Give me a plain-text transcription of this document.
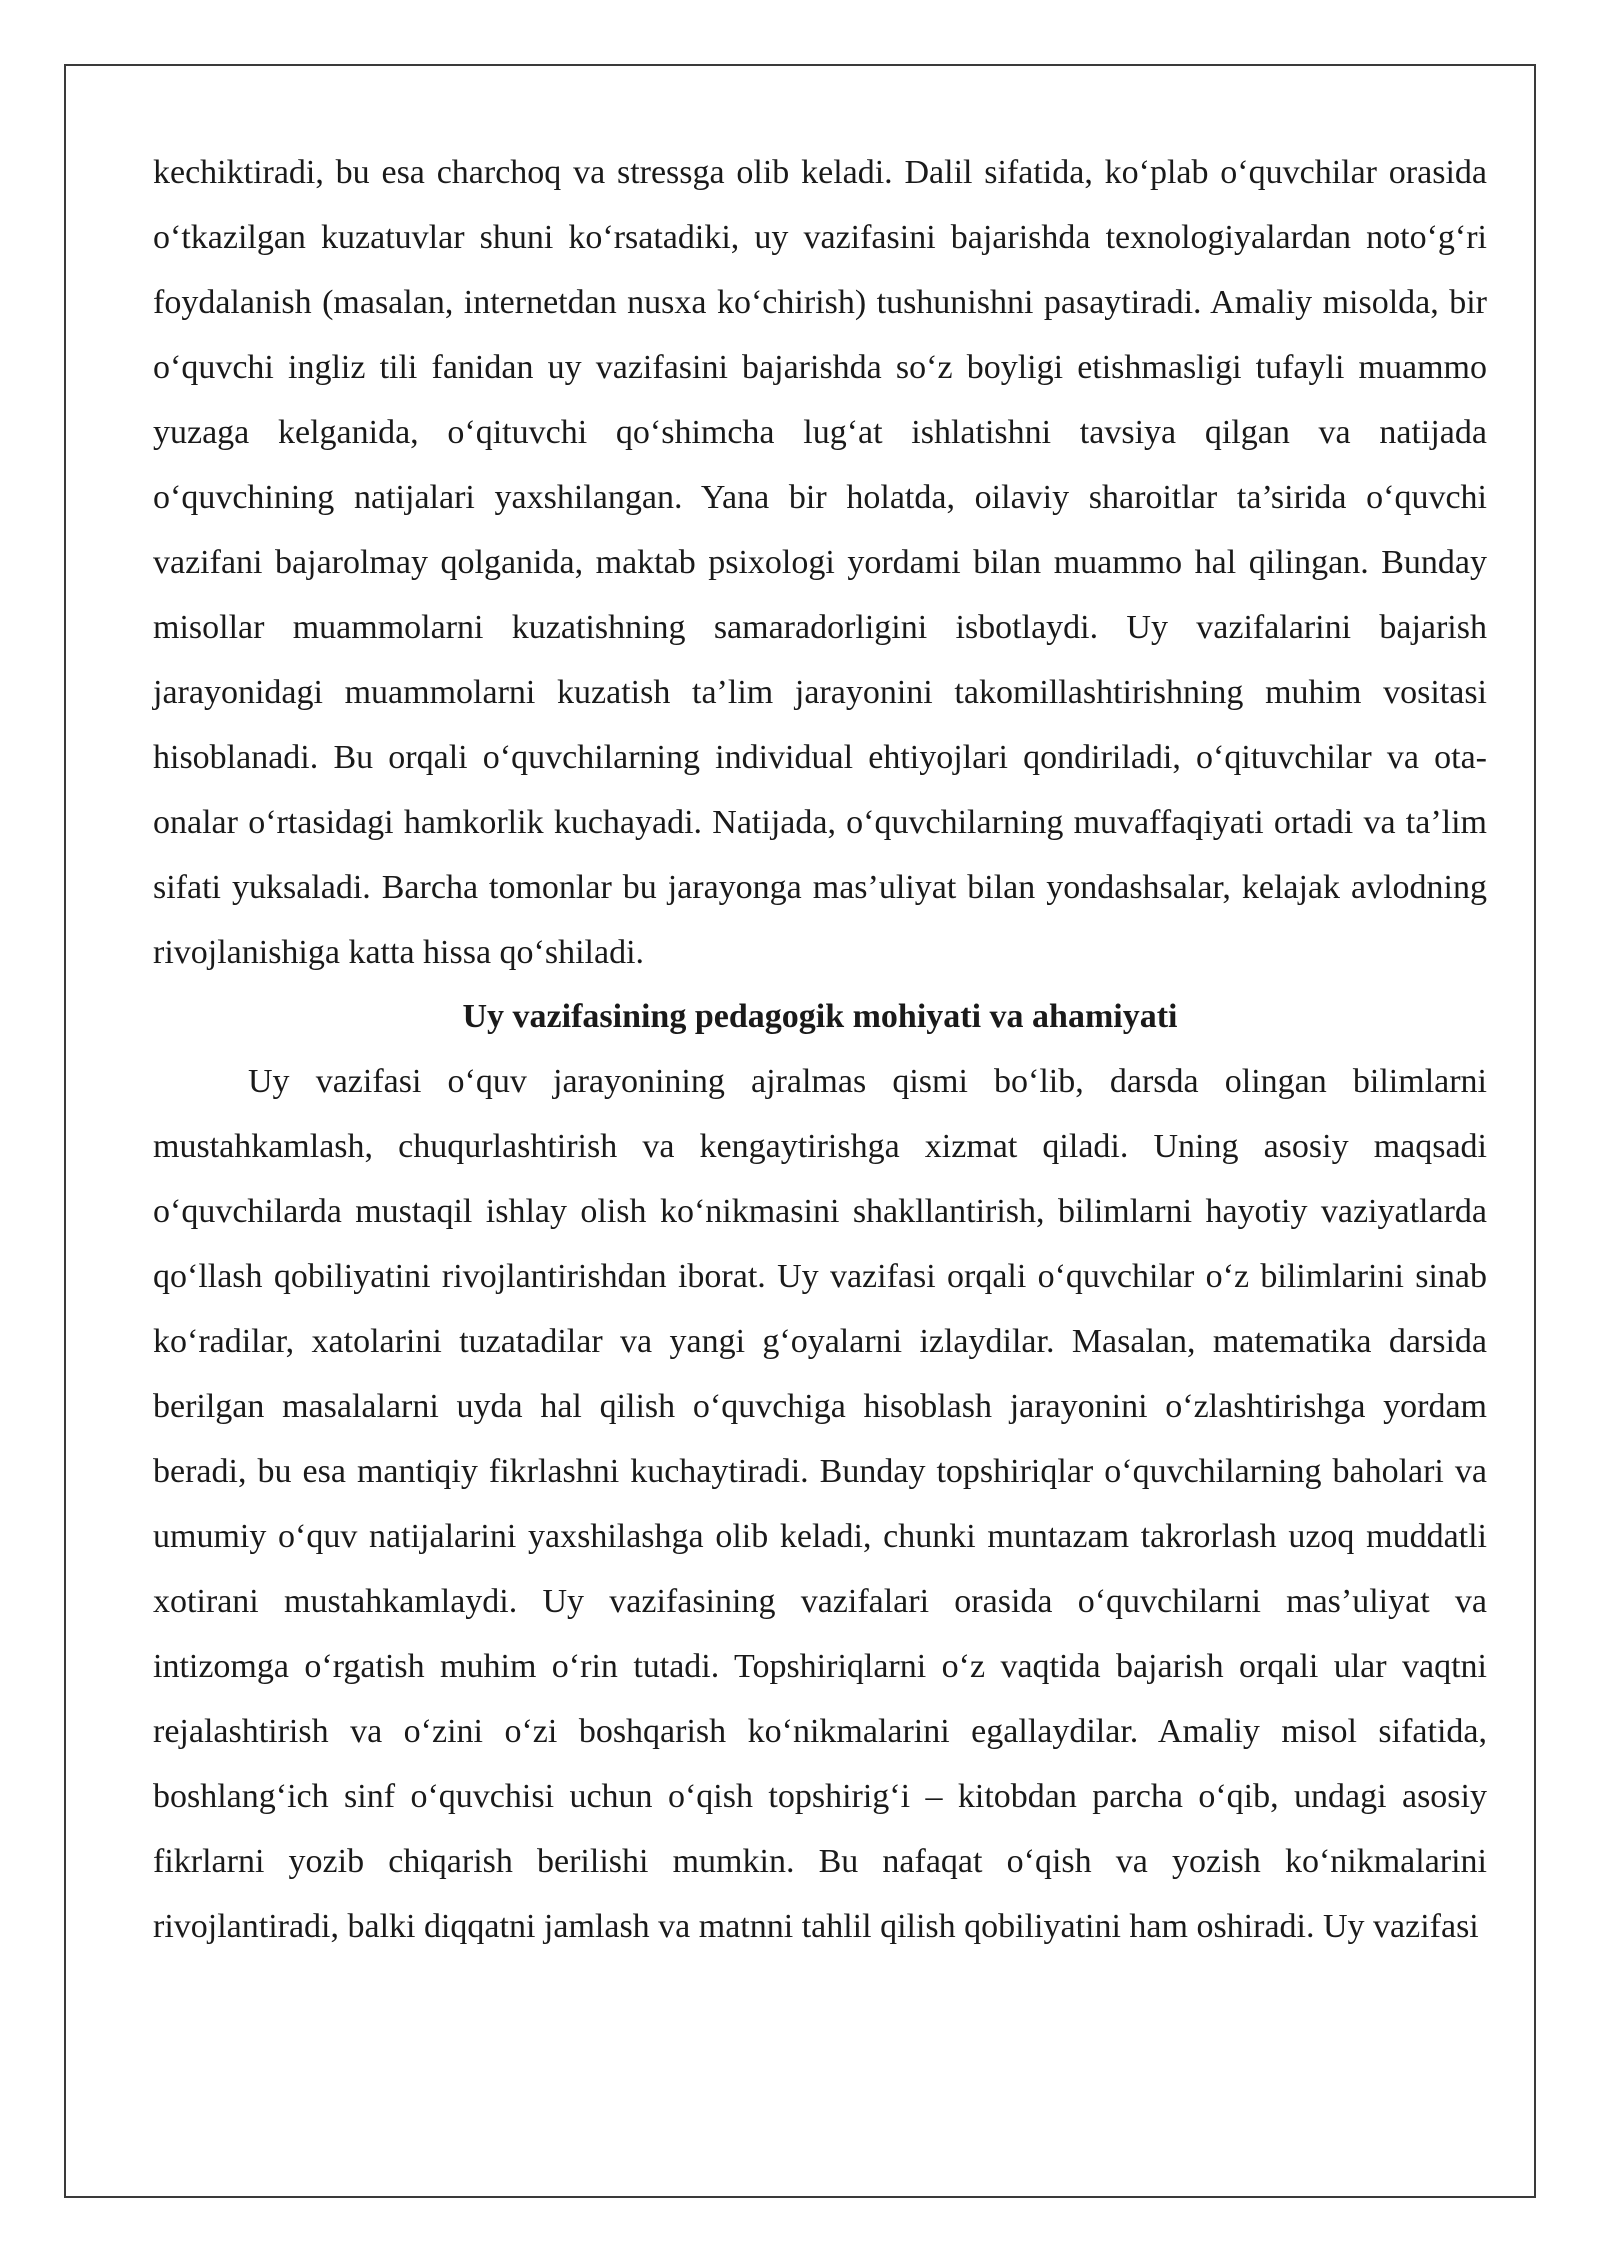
kechiktiradi, bu esa charchoq va stressga olib keladi. Dalil sifatida, ko‘plab o‘quvchilar orasida o‘tkazilgan kuzatuvlar shuni ko‘rsatadiki, uy vazifasini bajarishda texnologiyalardan noto‘g‘ri foydalanish (masalan, internetdan nusxa ko‘chirish) tushunishni pasaytiradi. Amaliy misolda, bir o‘quvchi ingliz tili fanidan uy vazifasini bajarishda so‘z boyligi etishmasligi tufayli muammo yuzaga kelganida, o‘qituvchi qo‘shimcha lug‘at ishlatishni tavsiya qilgan va natijada o‘quvchining natijalari yaxshilangan. Yana bir holatda, oilaviy sharoitlar ta’sirida o‘quvchi vazifani bajarolmay qolganida, maktab psixologi yordami bilan muammo hal qilingan. Bunday misollar muammolarni kuzatishning samaradorligini isbotlaydi. Uy vazifalarini bajarish jarayonidagi muammolarni kuzatish ta’lim jarayonini takomillashtirishning muhim vositasi hisoblanadi. Bu orqali o‘quvchilarning individual ehtiyojlari qondiriladi, o‘qituvchilar va ota-onalar o‘rtasidagi hamkorlik kuchayadi. Natijada, o‘quvchilarning muvaffaqiyati ortadi va ta’lim sifati yuksaladi. Barcha tomonlar bu jarayonga mas’uliyat bilan yondashsalar, kelajak avlodning rivojlanishiga katta hissa qo‘shiladi.

Uy vazifasining pedagogik mohiyati va ahamiyati

Uy vazifasi o‘quv jarayonining ajralmas qismi bo‘lib, darsda olingan bilimlarni mustahkamlash, chuqurlashtirish va kengaytirishga xizmat qiladi. Uning asosiy maqsadi o‘quvchilarda mustaqil ishlay olish ko‘nikmasini shakllantirish, bilimlarni hayotiy vaziyatlarda qo‘llash qobiliyatini rivojlantirishdan iborat. Uy vazifasi orqali o‘quvchilar o‘z bilimlarini sinab ko‘radilar, xatolarini tuzatadilar va yangi g‘oyalarni izlaydilar. Masalan, matematika darsida berilgan masalalarni uyda hal qilish o‘quvchiga hisoblash jarayonini o‘zlashtirishga yordam beradi, bu esa mantiqiy fikrlashni kuchaytiradi. Bunday topshiriqlar o‘quvchilarning baholari va umumiy o‘quv natijalarini yaxshilashga olib keladi, chunki muntazam takrorlash uzoq muddatli xotirani mustahkamlaydi. Uy vazifasining vazifalari orasida o‘quvchilarni mas’uliyat va intizomga o‘rgatish muhim o‘rin tutadi. Topshiriqlarni o‘z vaqtida bajarish orqali ular vaqtni rejalashtirish va o‘zini o‘zi boshqarish ko‘nikmalarini egallaydilar. Amaliy misol sifatida, boshlang‘ich sinf o‘quvchisi uchun o‘qish topshirig‘i – kitobdan parcha o‘qib, undagi asosiy fikrlarni yozib chiqarish berilishi mumkin. Bu nafaqat o‘qish va yozish ko‘nikmalarini rivojlantiradi, balki diqqatni jamlash va matnni tahlil qilish qobiliyatini ham oshiradi. Uy vazifasi
